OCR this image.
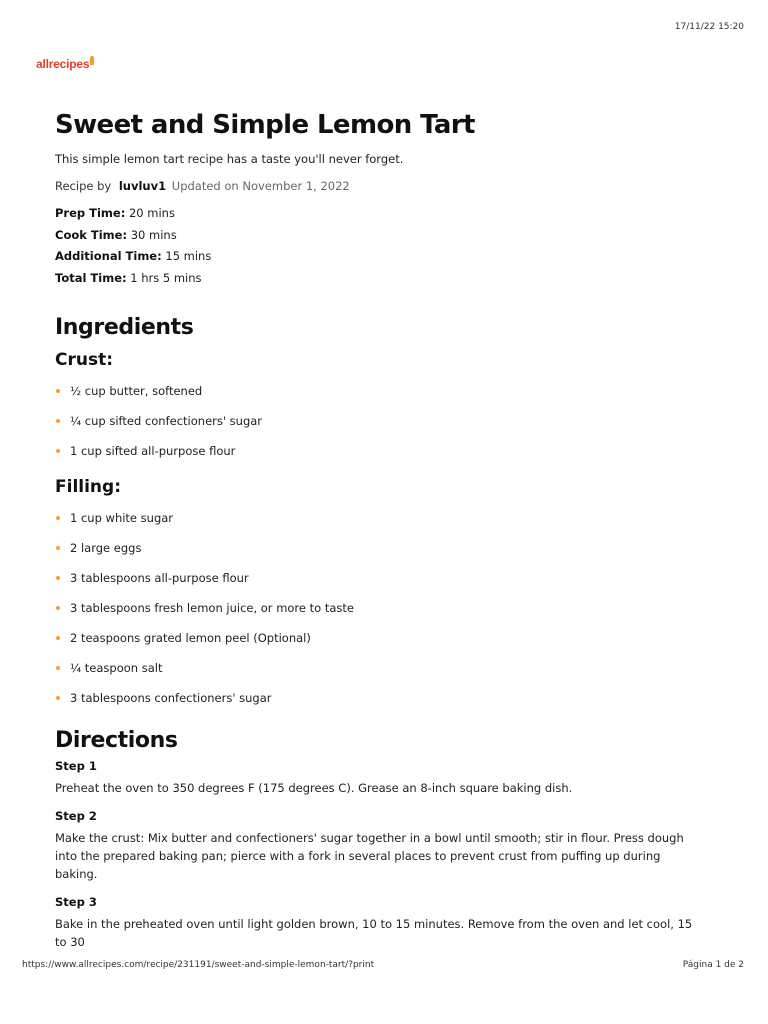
17/11/22 15:20
allrecipes
Sweet and Simple Lemon Tart
This simple lemon tart recipe has a taste you'll never forget.
Recipe by luvluv1 Updated on November 1, 2022
Prep Time: 20 mins
Cook Time: 30 mins
Additional Time: 15 mins
Total Time: 1 hrs 5 mins
Ingredients
Crust:
½ cup butter, softened
¼ cup sifted confectioners' sugar
1 cup sifted all-purpose flour
Filling:
1 cup white sugar
2 large eggs
3 tablespoons all-purpose flour
3 tablespoons fresh lemon juice, or more to taste
2 teaspoons grated lemon peel (Optional)
¼ teaspoon salt
3 tablespoons confectioners' sugar
Directions
Step 1
Preheat the oven to 350 degrees F (175 degrees C). Grease an 8-inch square baking dish.
Step 2
Make the crust: Mix butter and confectioners' sugar together in a bowl until smooth; stir in flour. Press dough into the prepared baking pan; pierce with a fork in several places to prevent crust from puffing up during baking.
Step 3
Bake in the preheated oven until light golden brown, 10 to 15 minutes. Remove from the oven and let cool, 15 to 30
https://www.allrecipes.com/recipe/231191/sweet-and-simple-lemon-tart/?print	Página 1 de 2
